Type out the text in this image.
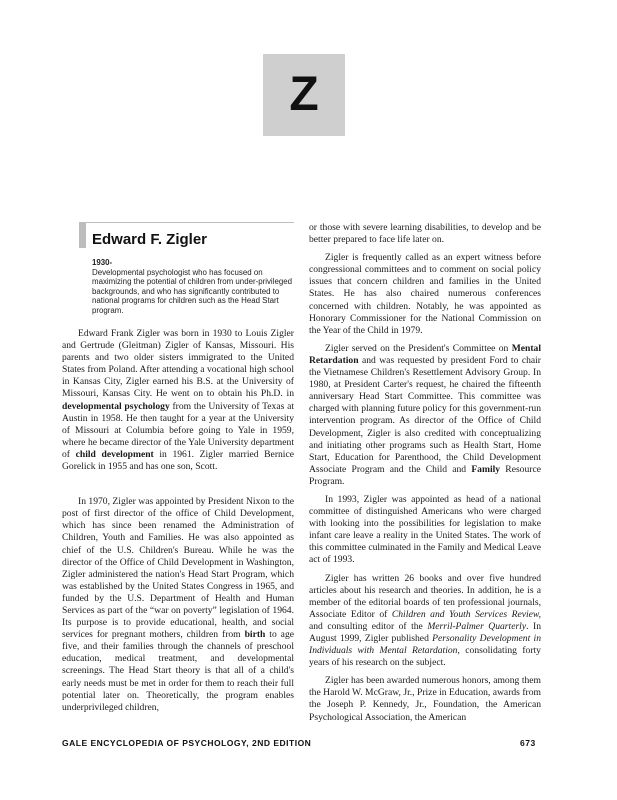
Z
Edward F. Zigler
1930-
Developmental psychologist who has focused on maximizing the potential of children from under-privileged backgrounds, and who has significantly contributed to national programs for children such as the Head Start program.

Edward Frank Zigler was born in 1930 to Louis Zigler and Gertrude (Gleitman) Zigler of Kansas, Missouri. His parents and two older sisters immigrated to the United States from Poland. After attending a vocational high school in Kansas City, Zigler earned his B.S. at the University of Missouri, Kansas City. He went on to obtain his Ph.D. in developmental psychology from the University of Texas at Austin in 1958. He then taught for a year at the University of Missouri at Columbia before going to Yale in 1959, where he became director of the Yale University department of child development in 1961. Zigler married Bernice Gorelick in 1955 and has one son, Scott.

In 1970, Zigler was appointed by President Nixon to the post of first director of the office of Child Development, which has since been renamed the Administration of Children, Youth and Families. He was also appointed as chief of the U.S. Children's Bureau. While he was the director of the Office of Child Development in Washington, Zigler administered the nation's Head Start Program, which was established by the United States Congress in 1965, and funded by the U.S. Department of Health and Human Services as part of the “war on poverty” legislation of 1964. Its purpose is to provide educational, health, and social services for pregnant mothers, children from birth to age five, and their families through the channels of preschool education, medical treatment, and developmental screenings. The Head Start theory is that all of a child's early needs must be met in order for them to reach their full potential later on. Theoretically, the program enables underprivileged children,

or those with severe learning disabilities, to develop and be better prepared to face life later on.

Zigler is frequently called as an expert witness before congressional committees and to comment on social policy issues that concern children and families in the United States. He has also chaired numerous conferences concerned with children. Notably, he was appointed as Honorary Commissioner for the National Commission on the Year of the Child in 1979.

Zigler served on the President's Committee on Mental Retardation and was requested by president Ford to chair the Vietnamese Children's Resettlement Advisory Group. In 1980, at President Carter's request, he chaired the fifteenth anniversary Head Start Committee. This committee was charged with planning future policy for this government-run intervention program. As director of the Office of Child Development, Zigler is also credited with conceptualizing and initiating other programs such as Health Start, Home Start, Education for Parenthood, the Child Development Associate Program and the Child and Family Resource Program.

In 1993, Zigler was appointed as head of a national committee of distinguished Americans who were charged with looking into the possibilities for legislation to make infant care leave a reality in the United States. The work of this committee culminated in the Family and Medical Leave act of 1993.

Zigler has written 26 books and over five hundred articles about his research and theories. In addition, he is a member of the editorial boards of ten professional journals, Associate Editor of Children and Youth Services Review, and consulting editor of the Merril-Palmer Quarterly. In August 1999, Zigler published Personality Development in Individuals with Mental Retardation, consolidating forty years of his research on the subject.

Zigler has been awarded numerous honors, among them the Harold W. McGraw, Jr., Prize in Education, awards from the Joseph P. Kennedy, Jr., Foundation, the American Psychological Association, the American

GALE ENCYCLOPEDIA OF PSYCHOLOGY, 2ND EDITION	673
